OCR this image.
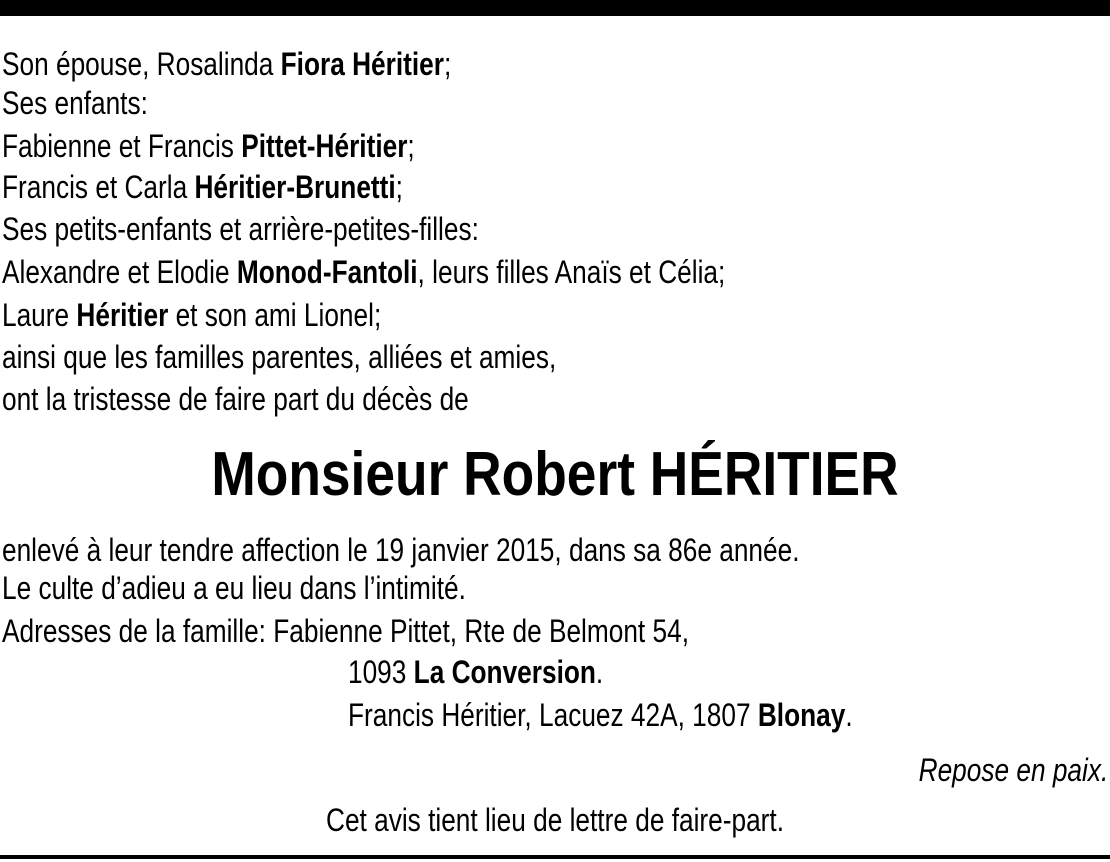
Son épouse, Rosalinda Fiora Héritier;
Ses enfants:
Fabienne et Francis Pittet-Héritier;
Francis et Carla Héritier-Brunetti;
Ses petits-enfants et arrière-petites-filles:
Alexandre et Elodie Monod-Fantoli, leurs filles Anaïs et Célia;
Laure Héritier et son ami Lionel;
ainsi que les familles parentes, alliées et amies,
ont la tristesse de faire part du décès de
Monsieur Robert HÉRITIER
enlevé à leur tendre affection le 19 janvier 2015, dans sa 86e année.
Le culte d’adieu a eu lieu dans l’intimité.
Adresses de la famille: Fabienne Pittet, Rte de Belmont 54,
1093 La Conversion.
Francis Héritier, Lacuez 42A, 1807 Blonay.
Repose en paix.
Cet avis tient lieu de lettre de faire-part.
